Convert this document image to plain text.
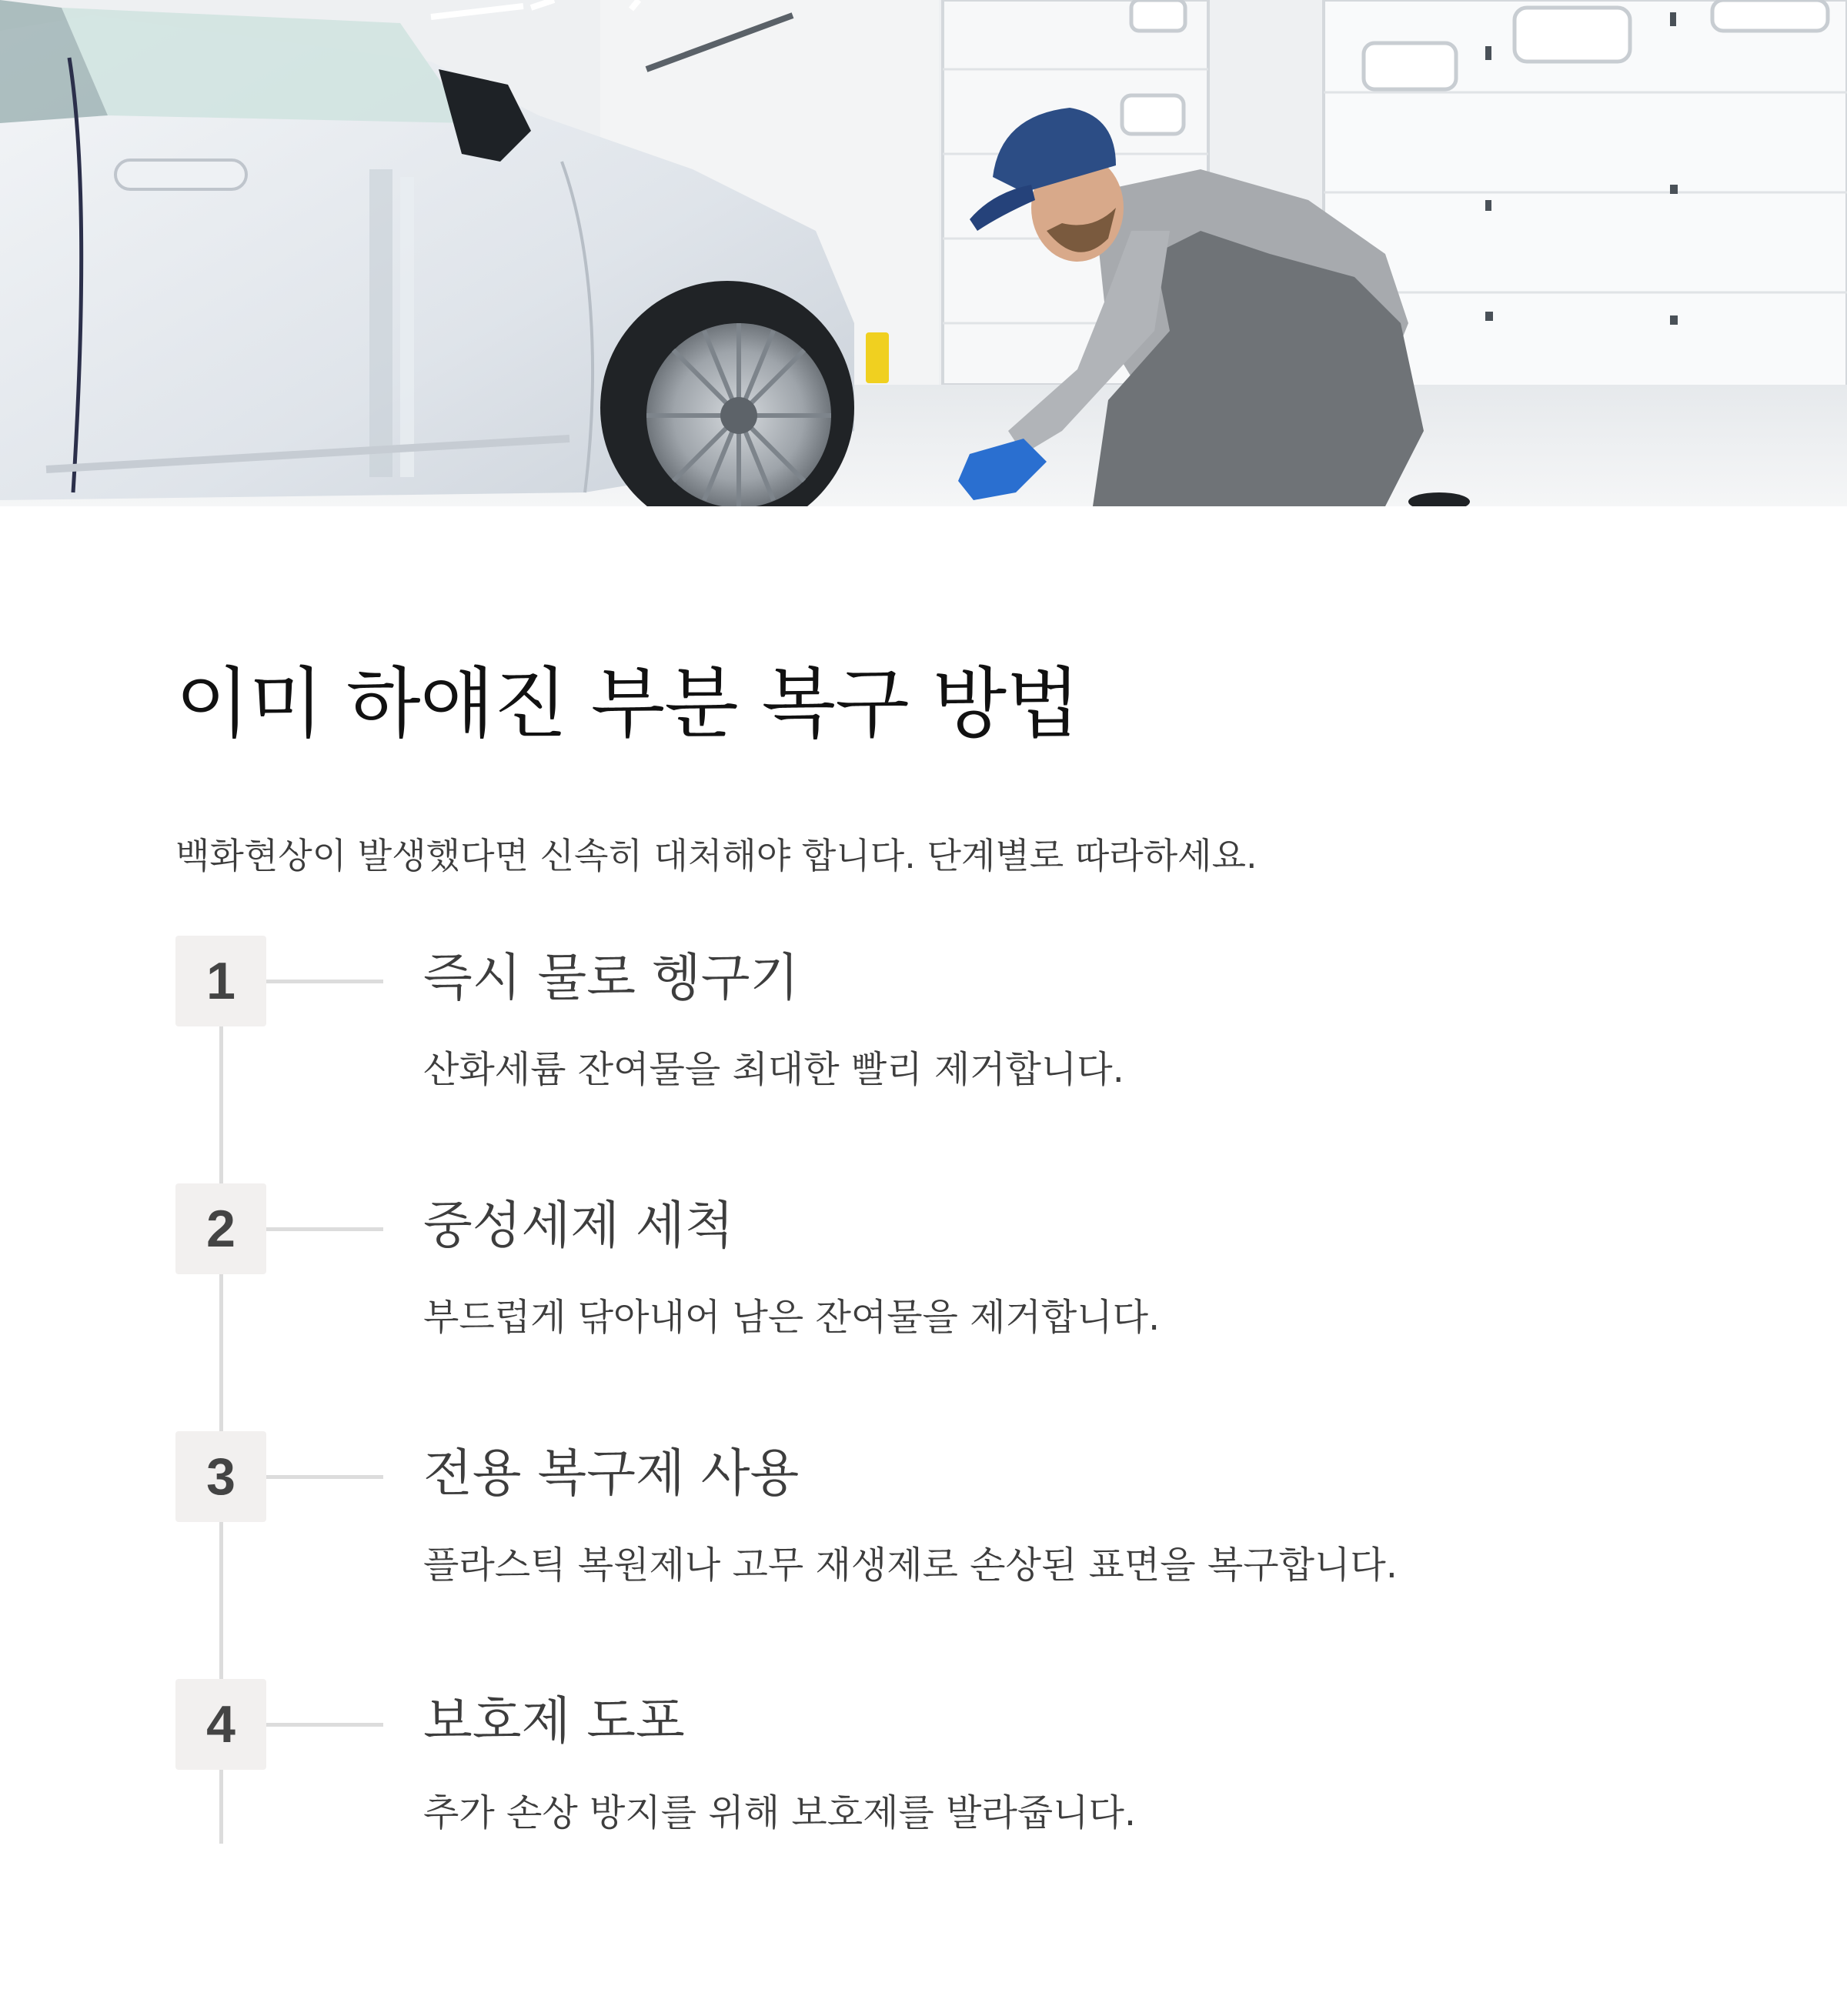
이미 하얘진 부분 복구 방법

백화현상이 발생했다면 신속히 대처해야 합니다. 단계별로 따라하세요.

1	즉시 물로 헹구기

산화세륨 잔여물을 최대한 빨리 제거합니다.

2	중성세제 세척

부드럽게 닦아내어 남은 잔여물을 제거합니다.

3	전용 복구제 사용

플라스틱 복원제나 고무 재생제로 손상된 표면을 복구합니다.

4	보호제 도포

추가 손상 방지를 위해 보호제를 발라줍니다.
